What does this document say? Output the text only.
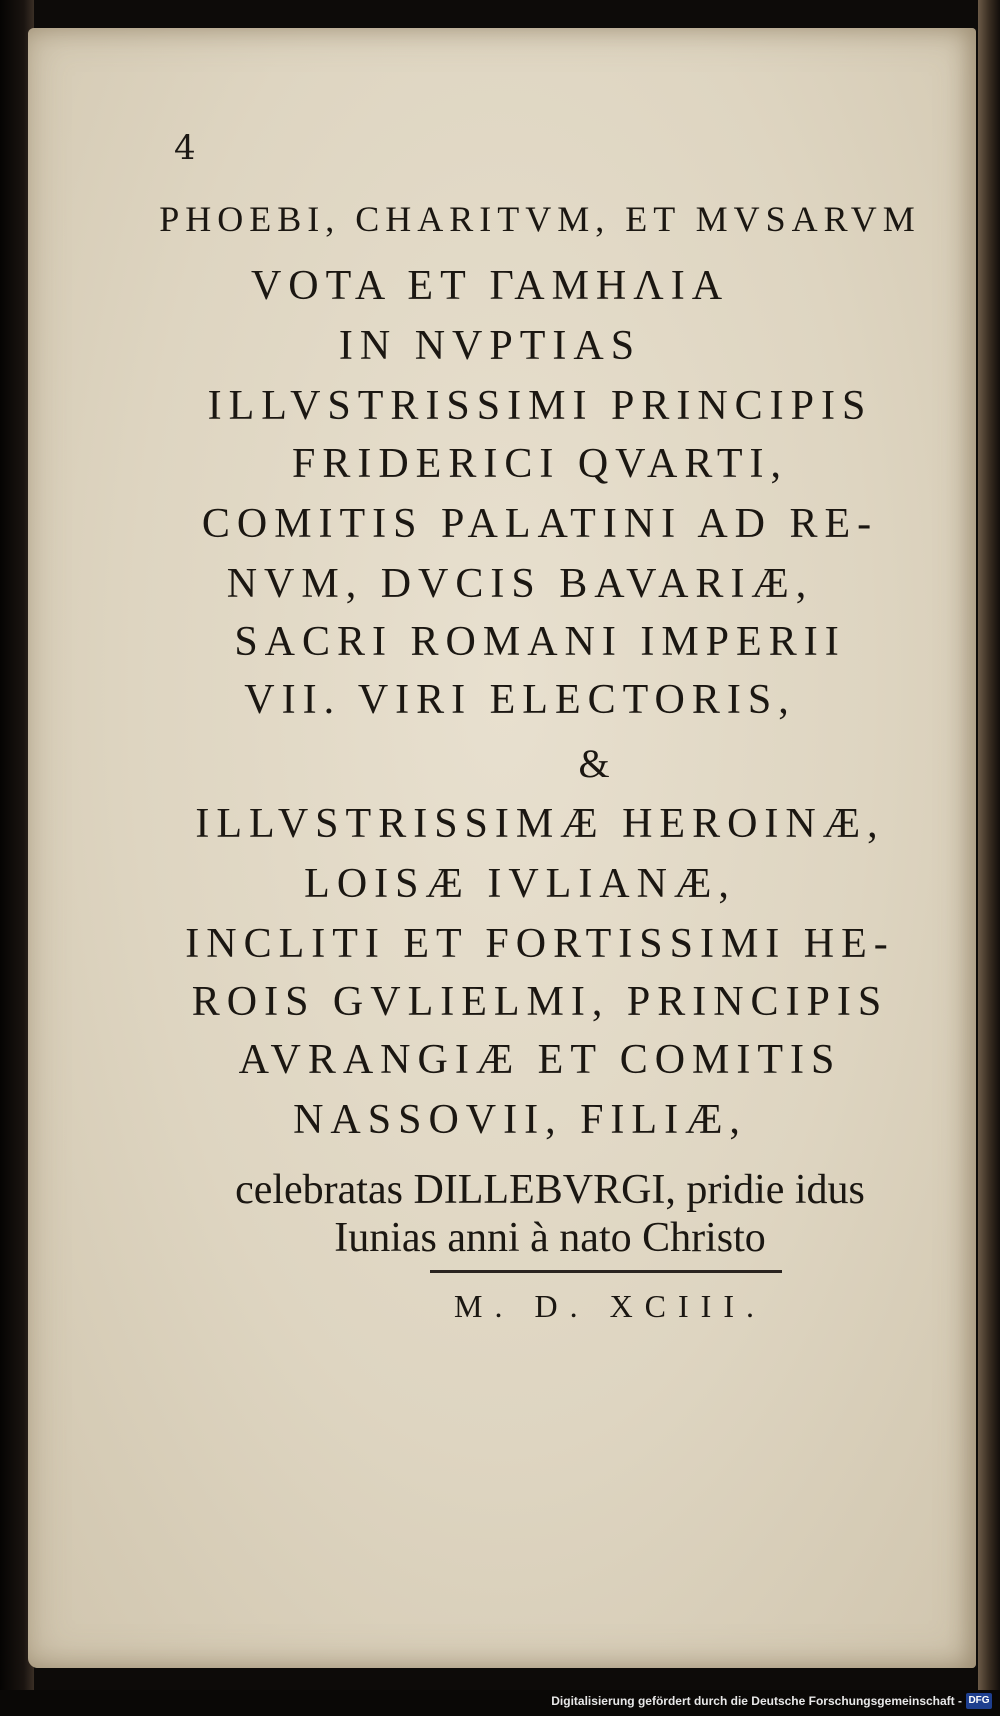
4
PHOEBI, CHARITVM, ET MVSARVM
VOTA ET ΓΑΜΗΛΙΑ
IN NVPTIAS
ILLVSTRISSIMI PRINCIPIS
FRIDERICI QVARTI,
COMITIS PALATINI AD RE-
NVM, DVCIS BAVARIÆ,
SACRI ROMANI IMPERII
VII. VIRI ELECTORIS,
&
ILLVSTRISSIMÆ HEROINÆ,
LOISÆ IVLIANÆ,
INCLITI ET FORTISSIMI HE-
ROIS GVLIELMI, PRINCIPIS
AVRANGIÆ ET COMITIS
NASSOVII, FILIÆ,
celebratas DILLEBVRGI, pridie idus
Iunias anni à nato Christo
M. D. XCIII.
Digitalisierung gefördert durch die Deutsche Forschungsgemeinschaft - DFG
